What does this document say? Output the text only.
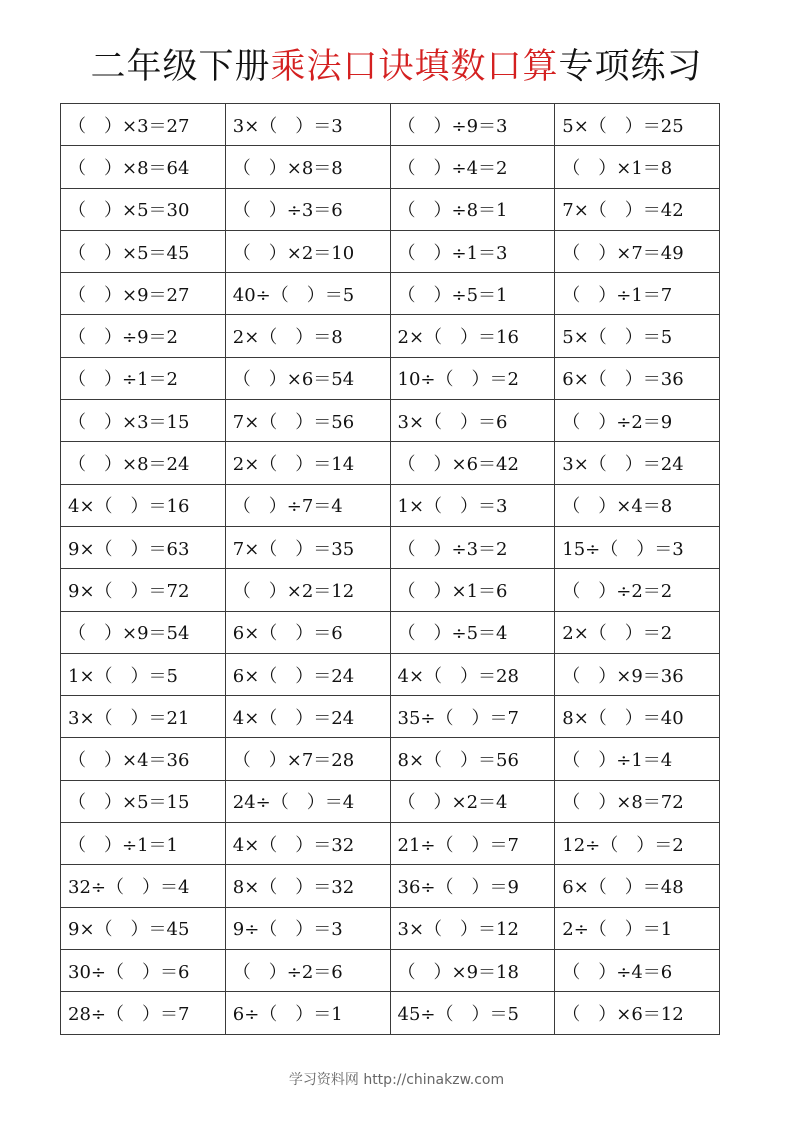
二年级下册乘法口诀填数口算专项练习
（　）×3＝27	3×（　）＝3	（　）÷9＝3	5×（　）＝25
（　）×8＝64	（　）×8＝8	（　）÷4＝2	（　）×1＝8
（　）×5＝30	（　）÷3＝6	（　）÷8＝1	7×（　）＝42
（　）×5＝45	（　）×2＝10	（　）÷1＝3	（　）×7＝49
（　）×9＝27	40÷（　）＝5	（　）÷5＝1	（　）÷1＝7
（　）÷9＝2	2×（　）＝8	2×（　）＝16	5×（　）＝5
（　）÷1＝2	（　）×6＝54	10÷（　）＝2	6×（　）＝36
（　）×3＝15	7×（　）＝56	3×（　）＝6	（　）÷2＝9
（　）×8＝24	2×（　）＝14	（　）×6＝42	3×（　）＝24
4×（　）＝16	（　）÷7＝4	1×（　）＝3	（　）×4＝8
9×（　）＝63	7×（　）＝35	（　）÷3＝2	15÷（　）＝3
9×（　）＝72	（　）×2＝12	（　）×1＝6	（　）÷2＝2
（　）×9＝54	6×（　）＝6	（　）÷5＝4	2×（　）＝2
1×（　）＝5	6×（　）＝24	4×（　）＝28	（　）×9＝36
3×（　）＝21	4×（　）＝24	35÷（　）＝7	8×（　）＝40
（　）×4＝36	（　）×7＝28	8×（　）＝56	（　）÷1＝4
（　）×5＝15	24÷（　）＝4	（　）×2＝4	（　）×8＝72
（　）÷1＝1	4×（　）＝32	21÷（　）＝7	12÷（　）＝2
32÷（　）＝4	8×（　）＝32	36÷（　）＝9	6×（　）＝48
9×（　）＝45	9÷（　）＝3	3×（　）＝12	2÷（　）＝1
30÷（　）＝6	（　）÷2＝6	（　）×9＝18	（　）÷4＝6
28÷（　）＝7	6÷（　）＝1	45÷（　）＝5	（　）×6＝12
学习资料网 http://chinakzw.com
